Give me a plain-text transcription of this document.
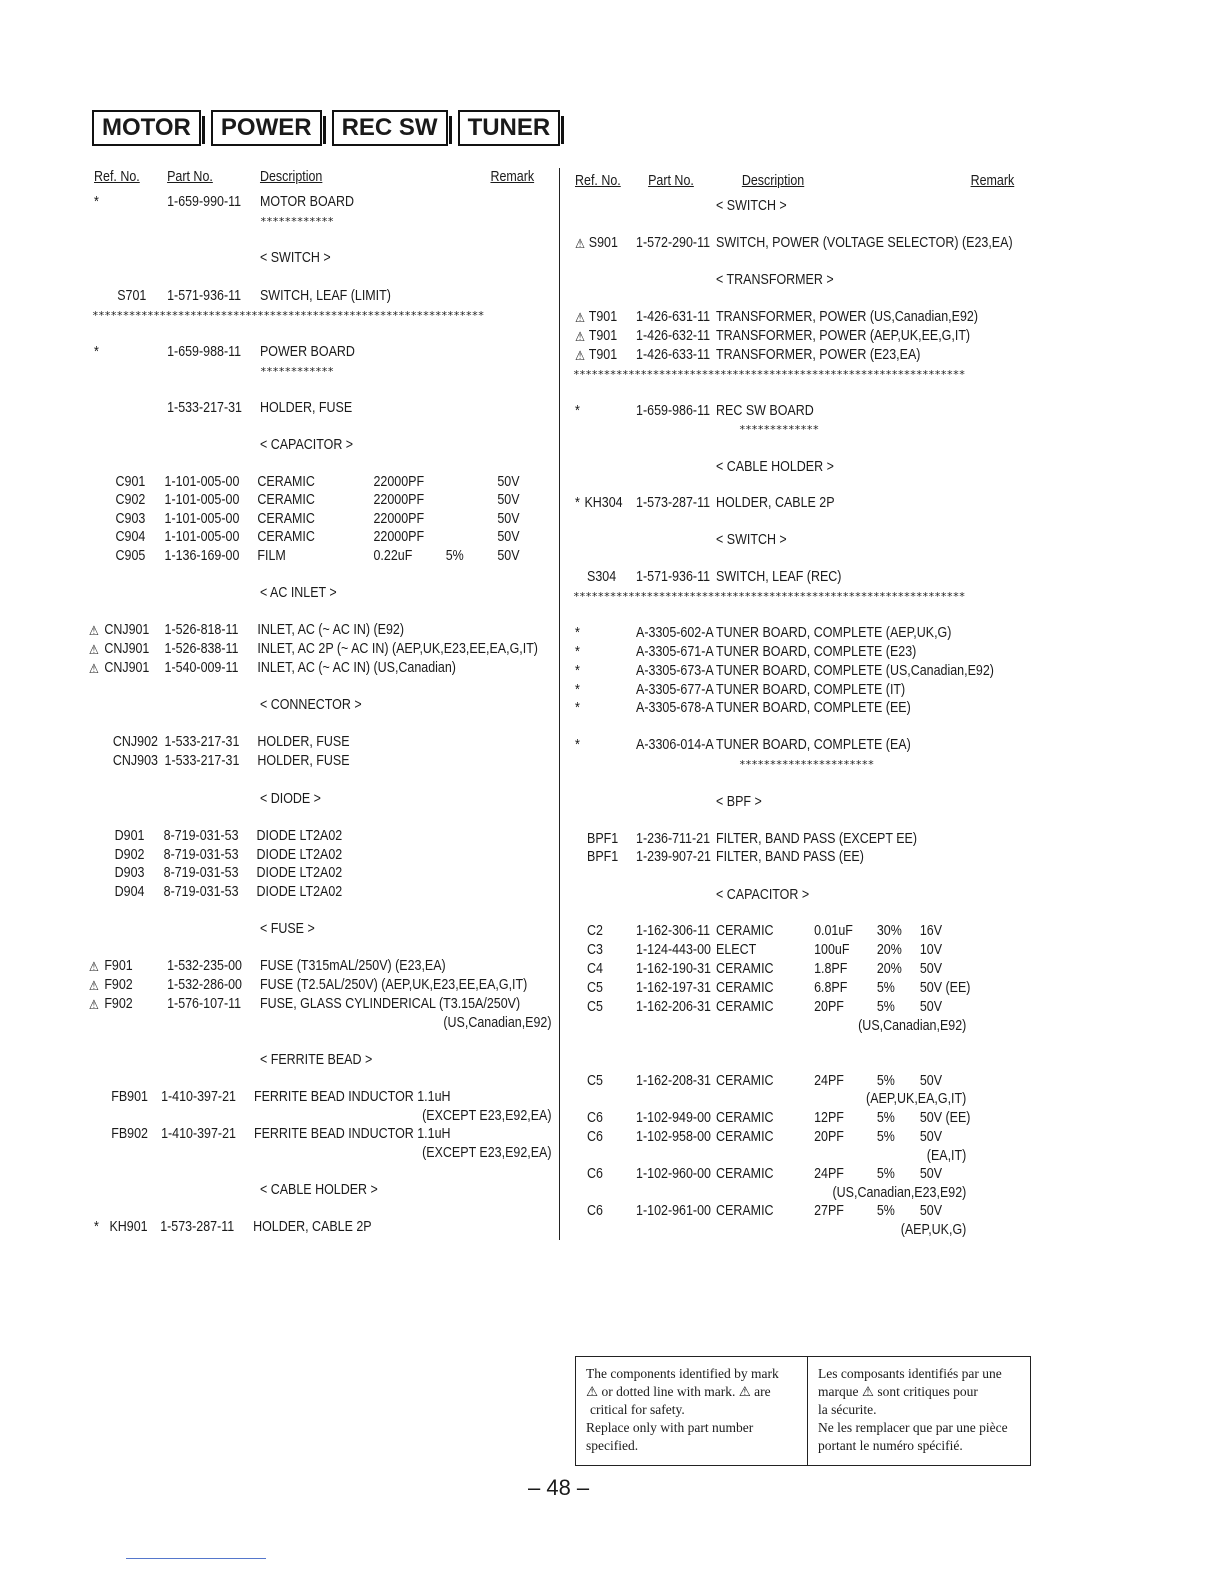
MOTOR	POWER	REC SW	TUNER
Ref. No. Part No.	Description	Remark	Ref. No. Part No.	Description	Remark
*	1-659-990-11 MOTOR BOARD
************
< SWITCH >
S701 1-571-936-11 SWITCH, LEAF (LIMIT)
****************************************************************
*	1-659-988-11 POWER BOARD
************
1-533-217-31 HOLDER, FUSE
< CAPACITOR >
C901 1-101-005-00 CERAMIC	22000PF	50V
C902 1-101-005-00 CERAMIC	22000PF	50V
C903 1-101-005-00 CERAMIC	22000PF	50V
C904 1-101-005-00 CERAMIC	22000PF	50V
C905 1-136-169-00 FILM	0.22uF 5% 50V
< AC INLET >
⚠ CNJ901 1-526-818-11 INLET, AC (~ AC IN) (E92)
⚠ CNJ901 1-526-838-11 INLET, AC 2P (~ AC IN) (AEP,UK,E23,EE,EA,G,IT)
⚠ CNJ901 1-540-009-11 INLET, AC (~ AC IN) (US,Canadian)
< CONNECTOR >
CNJ902 1-533-217-31 HOLDER, FUSE
CNJ903 1-533-217-31 HOLDER, FUSE
< DIODE >
D901 8-719-031-53 DIODE LT2A02
D902 8-719-031-53 DIODE LT2A02
D903 8-719-031-53 DIODE LT2A02
D904 8-719-031-53 DIODE LT2A02
< FUSE >
⚠ F901 1-532-235-00 FUSE (T315mAL/250V) (E23,EA)
⚠ F902 1-532-286-00 FUSE (T2.5AL/250V) (AEP,UK,E23,EE,EA,G,IT)
⚠ F902 1-576-107-11 FUSE, GLASS CYLINDERICAL (T3.15A/250V)
(US,Canadian,E92)
< FERRITE BEAD >
FB901 1-410-397-21 FERRITE BEAD INDUCTOR 1.1uH
(EXCEPT E23,E92,EA)
FB902 1-410-397-21 FERRITE BEAD INDUCTOR 1.1uH
(EXCEPT E23,E92,EA)
< CABLE HOLDER >
* KH901 1-573-287-11 HOLDER, CABLE 2P
< SWITCH >
⚠ S901 1-572-290-11 SWITCH, POWER (VOLTAGE SELECTOR) (E23,EA)
< TRANSFORMER >
⚠ T901 1-426-631-11 TRANSFORMER, POWER (US,Canadian,E92)
⚠ T901 1-426-632-11 TRANSFORMER, POWER (AEP,UK,EE,G,IT)
⚠ T901 1-426-633-11 TRANSFORMER, POWER (E23,EA)
****************************************************************
*	1-659-986-11 REC SW BOARD
*************
< CABLE HOLDER >
* KH304 1-573-287-11 HOLDER, CABLE 2P
< SWITCH >
S304 1-571-936-11 SWITCH, LEAF (REC)
****************************************************************
*	A-3305-602-A TUNER BOARD, COMPLETE (AEP,UK,G)
*	A-3305-671-A TUNER BOARD, COMPLETE (E23)
*	A-3305-673-A TUNER BOARD, COMPLETE (US,Canadian,E92)
*	A-3305-677-A TUNER BOARD, COMPLETE (IT)
*	A-3305-678-A TUNER BOARD, COMPLETE (EE)
*	A-3306-014-A TUNER BOARD, COMPLETE (EA)
**********************
< BPF >
BPF1 1-236-711-21 FILTER, BAND PASS (EXCEPT EE)
BPF1 1-239-907-21 FILTER, BAND PASS (EE)
< CAPACITOR >
C2 1-162-306-11 CERAMIC	0.01uF 30% 16V
C3 1-124-443-00 ELECT	100uF 20% 10V
C4 1-162-190-31 CERAMIC	1.8PF 20% 50V
C5 1-162-197-31 CERAMIC	6.8PF 5% 50V (EE)
C5 1-162-206-31 CERAMIC	20PF 5% 50V
(US,Canadian,E92)
C5 1-162-208-31 CERAMIC	24PF 5% 50V
(AEP,UK,EA,G,IT)
C6 1-102-949-00 CERAMIC	12PF 5% 50V (EE)
C6 1-102-958-00 CERAMIC	20PF 5% 50V
(EA,IT)
C6 1-102-960-00 CERAMIC	24PF 5% 50V
(US,Canadian,E23,E92)
C6 1-102-961-00 CERAMIC	27PF 5% 50V
(AEP,UK,G)
The components identified by mark
⚠ or dotted line with mark. ⚠ are
critical for safety.
Replace only with part number
specified.
Les composants identifiés par une
marque ⚠ sont critiques pour
la sécurite.
Ne les remplacer que par une pièce
portant le numéro spécifié.
– 48 –
